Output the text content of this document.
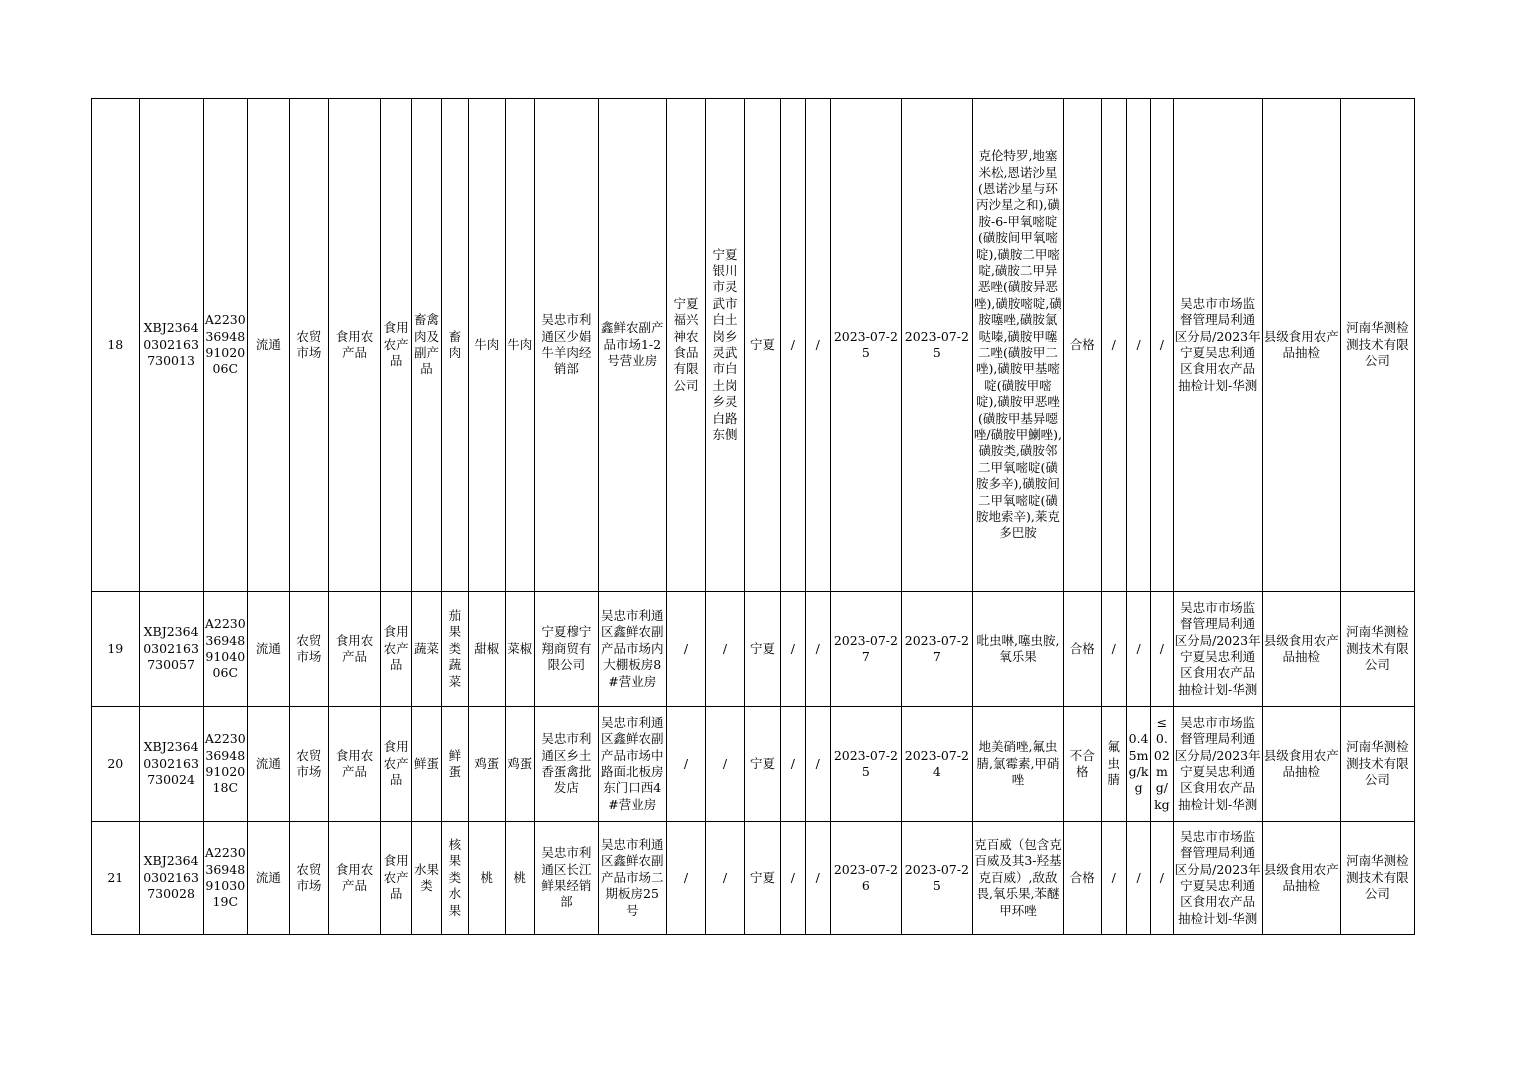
18	XBJ23640302163730013	A22303694891020 06C	流通	农贸市场	食用农产品	食用农产品	畜禽肉及副产品	畜肉	牛肉	牛肉	吴忠市利通区少娟牛羊肉经销部	鑫鲜农副产品市场1-2号营业房	宁夏福兴神农食品有限公司	宁夏银川市灵武市白土岗乡灵武市白土岗乡灵白路东侧	宁夏	/	/	2023-07-25	2023-07-25	克伦特罗,地塞米松,恩诺沙星(恩诺沙星与环丙沙星之和),磺胺-6-甲氧嘧啶(磺胺间甲氧嘧啶),磺胺二甲嘧啶,磺胺二甲异恶唑(磺胺异恶唑),磺胺嘧啶,磺胺噻唑,磺胺氯哒嗪,磺胺甲噻二唑(磺胺甲二唑),磺胺甲基嘧啶(磺胺甲嘧啶),磺胺甲恶唑(磺胺甲基异噁唑/磺胺甲鯻唑),磺胺类,磺胺邻二甲氧嘧啶(磺胺多辛),磺胺间二甲氧嘧啶(磺胺地索辛),莱克多巴胺	合格	/	/	/	吴忠市市场监督管理局利通区分局/2023年宁夏吴忠利通区食用农产品抽检计划-华测	县级食用农产品抽检	河南华测检测技术有限公司
19	XBJ23640302163730057	A22303694891040 06C	流通	农贸市场	食用农产品	食用农产品	蔬菜	茄果类蔬菜	甜椒	菜椒	宁夏穆宁翔商贸有限公司	吴忠市利通区鑫鲜农副产品市场内大棚板房8#营业房	/	/	宁夏	/	/	2023-07-27	2023-07-27	吡虫啉,噻虫胺,氧乐果	合格	/	/	/	吴忠市市场监督管理局利通区分局/2023年宁夏吴忠利通区食用农产品抽检计划-华测	县级食用农产品抽检	河南华测检测技术有限公司
20	XBJ23640302163730024	A22303694891020 18C	流通	农贸市场	食用农产品	食用农产品	鲜蛋	鲜蛋	鸡蛋	鸡蛋	吴忠市利通区乡土香蛋禽批发店	吴忠市利通区鑫鲜农副产品市场中路面北板房东门口西4#营业房	/	/	宁夏	/	/	2023-07-25	2023-07-24	地美硝唑,氟虫腈,氯霉素,甲硝唑	不合格	氟虫腈	0.45mg/kg	≤0.02mg/kg	吴忠市市场监督管理局利通区分局/2023年宁夏吴忠利通区食用农产品抽检计划-华测	县级食用农产品抽检	河南华测检测技术有限公司
21	XBJ23640302163730028	A22303694891030 19C	流通	农贸市场	食用农产品	食用农产品	水果类	核果类水果	桃	桃	吴忠市利通区长江鲜果经销部	吴忠市利通区鑫鲜农副产品市场二期板房25号	/	/	宁夏	/	/	2023-07-26	2023-07-25	克百威（包含克百威及其3-羟基克百威）,敌敌畏,氧乐果,苯醚甲环唑	合格	/	/	/	吴忠市市场监督管理局利通区分局/2023年宁夏吴忠利通区食用农产品抽检计划-华测	县级食用农产品抽检	河南华测检测技术有限公司
